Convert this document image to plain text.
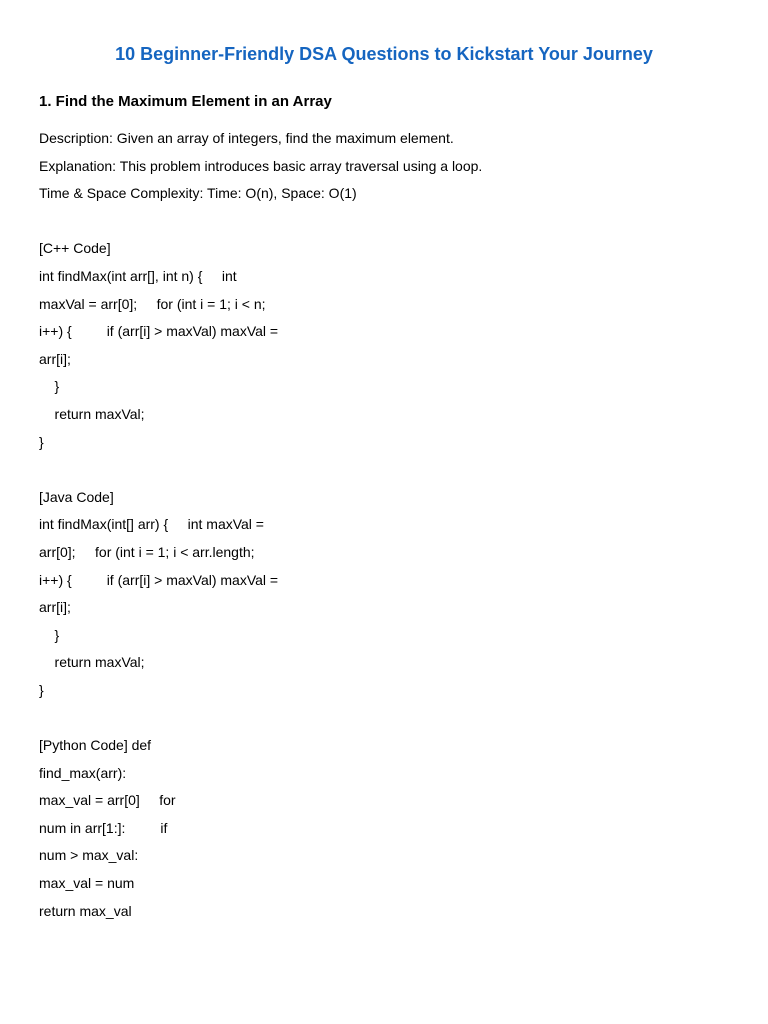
10 Beginner-Friendly DSA Questions to Kickstart Your Journey
1. Find the Maximum Element in an Array
Description: Given an array of integers, find the maximum element.
Explanation: This problem introduces basic array traversal using a loop.
Time & Space Complexity: Time: O(n), Space: O(1)
[C++ Code]
int findMax(int arr[], int n) {     int
maxVal = arr[0];     for (int i = 1; i < n;
i++) {         if (arr[i] > maxVal) maxVal =
arr[i];
}
return maxVal;
}
[Java Code]
int findMax(int[] arr) {     int maxVal =
arr[0];     for (int i = 1; i < arr.length;
i++) {         if (arr[i] > maxVal) maxVal =
arr[i];
}
return maxVal;
}
[Python Code] def
find_max(arr):
max_val = arr[0]     for
num in arr[1:]:         if
num > max_val:
max_val = num
return max_val
